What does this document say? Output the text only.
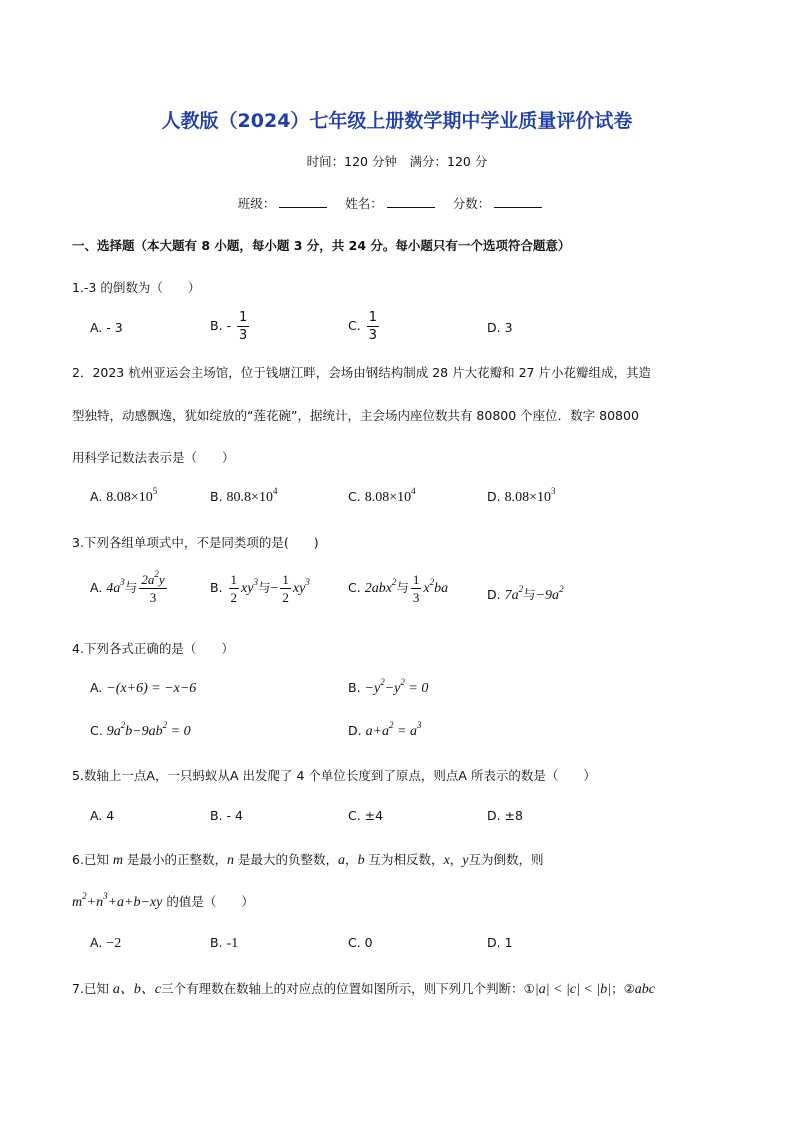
人教版（2024）七年级上册数学期中学业质量评价试卷
时间：120 分钟　满分：120 分
班级：	姓名：	分数：
一、选择题（本大题有 8 小题，每小题 3 分，共 24 分。每小题只有一个选项符合题意）
1.-3 的倒数为（　　）
A. - 3	B. - $\frac{1}{3}$	C. $\frac{1}{3}$	D. 3
2．2023 杭州亚运会主场馆，位于钱塘江畔，会场由钢结构制成 28 片大花瓣和 27 片小花瓣组成，其造
型独特，动感飘逸，犹如绽放的“莲花碗”，据统计，主会场内座位数共有 80800 个座位．数字 80800
用科学记数法表示是（　　）
A. $8.08\times 10^5$	B. $80.8\times 10^4$	C. $8.08\times 10^4$	D. $8.08\times 10^3$
3.下列各组单项式中，不是同类项的是(　　)
A. $4a^3$与 $\frac{2a^2y}{3}$	B. $\frac{1}{2} xy^3$与− $\frac{1}{2} xy^3$	C. 2abx$^2$与 $\frac{1}{3} x^2ba$	D. $7a^2$与$-9a^2$
4.下列各式正确的是（　　）
A. −(x+6) = −x−6	B. $-y^2-y^2 = 0$
C. $9a^2b-9ab^2 = 0$	D. $a+a^2 = a^3$
5.数轴上一点A，一只蚂蚁从A 出发爬了 4 个单位长度到了原点，则点A 所表示的数是（　　）
A. 4	B. - 4	C. ±4	D. ±8
6.已知 m 是最小的正整数，n 是最大的负整数，a，b 互为相反数，x，y互为倒数，则
$m^2+n^3+a+b-xy$ 的值是（　　）
A. −2	B. -1	C. 0	D. 1
7.已知 a、b、c三个有理数在数轴上的对应点的位置如图所示，则下列几个判断：①|a| < |c| < |b|；②abc
